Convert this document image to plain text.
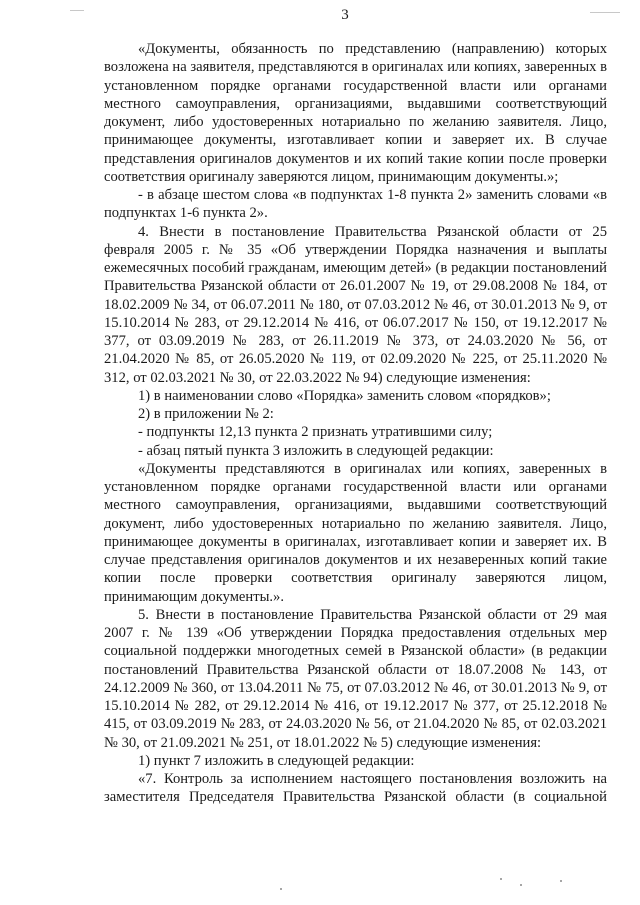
3

«Документы, обязанность по представлению (направлению) которых возложена на заявителя, представляются в оригиналах или копиях, заверенных в установленном порядке органами государственной власти или органами местного самоуправления, организациями, выдавшими соответствующий документ, либо удостоверенных нотариально по желанию заявителя. Лицо, принимающее документы, изготавливает копии и заверяет их. В случае представления оригиналов документов и их копий такие копии после проверки соответствия оригиналу заверяются лицом, принимающим документы.»;

- в абзаце шестом слова «в подпунктах 1-8 пункта 2» заменить словами «в подпунктах 1-6 пункта 2».

4. Внести в постановление Правительства Рязанской области от 25 февраля 2005 г. № 35 «Об утверждении Порядка назначения и выплаты ежемесячных пособий гражданам, имеющим детей» (в редакции постановлений Правительства Рязанской области от 26.01.2007 № 19, от 29.08.2008 № 184, от 18.02.2009 № 34, от 06.07.2011 № 180, от 07.03.2012 № 46, от 30.01.2013 № 9, от 15.10.2014 № 283, от 29.12.2014 № 416, от 06.07.2017 № 150, от 19.12.2017 № 377, от 03.09.2019 № 283, от 26.11.2019 № 373, от 24.03.2020 № 56, от 21.04.2020 № 85, от 26.05.2020 № 119, от 02.09.2020 № 225, от 25.11.2020 № 312, от 02.03.2021 № 30, от 22.03.2022 № 94) следующие изменения:

1) в наименовании слово «Порядка» заменить словом «порядков»;

2) в приложении № 2:

- подпункты 12,13 пункта 2 признать утратившими силу;

- абзац пятый пункта 3 изложить в следующей редакции:

«Документы представляются в оригиналах или копиях, заверенных в установленном порядке органами государственной власти или органами местного самоуправления, организациями, выдавшими соответствующий документ, либо удостоверенных нотариально по желанию заявителя. Лицо, принимающее документы в оригиналах, изготавливает копии и заверяет их. В случае представления оригиналов документов и их незаверенных копий такие копии после проверки соответствия оригиналу заверяются лицом, принимающим документы.».

5. Внести в постановление Правительства Рязанской области от 29 мая 2007 г. № 139 «Об утверждении Порядка предоставления отдельных мер социальной поддержки многодетных семей в Рязанской области» (в редакции постановлений Правительства Рязанской области от 18.07.2008 № 143, от 24.12.2009 № 360, от 13.04.2011 № 75, от 07.03.2012 № 46, от 30.01.2013 № 9, от 15.10.2014 № 282, от 29.12.2014 № 416, от 19.12.2017 № 377, от 25.12.2018 № 415, от 03.09.2019 № 283, от 24.03.2020 № 56, от 21.04.2020 № 85, от 02.03.2021 № 30, от 21.09.2021 № 251, от 18.01.2022 № 5) следующие изменения:

1) пункт 7 изложить в следующей редакции:

«7. Контроль за исполнением настоящего постановления возложить на заместителя Председателя Правительства Рязанской области (в социальной
